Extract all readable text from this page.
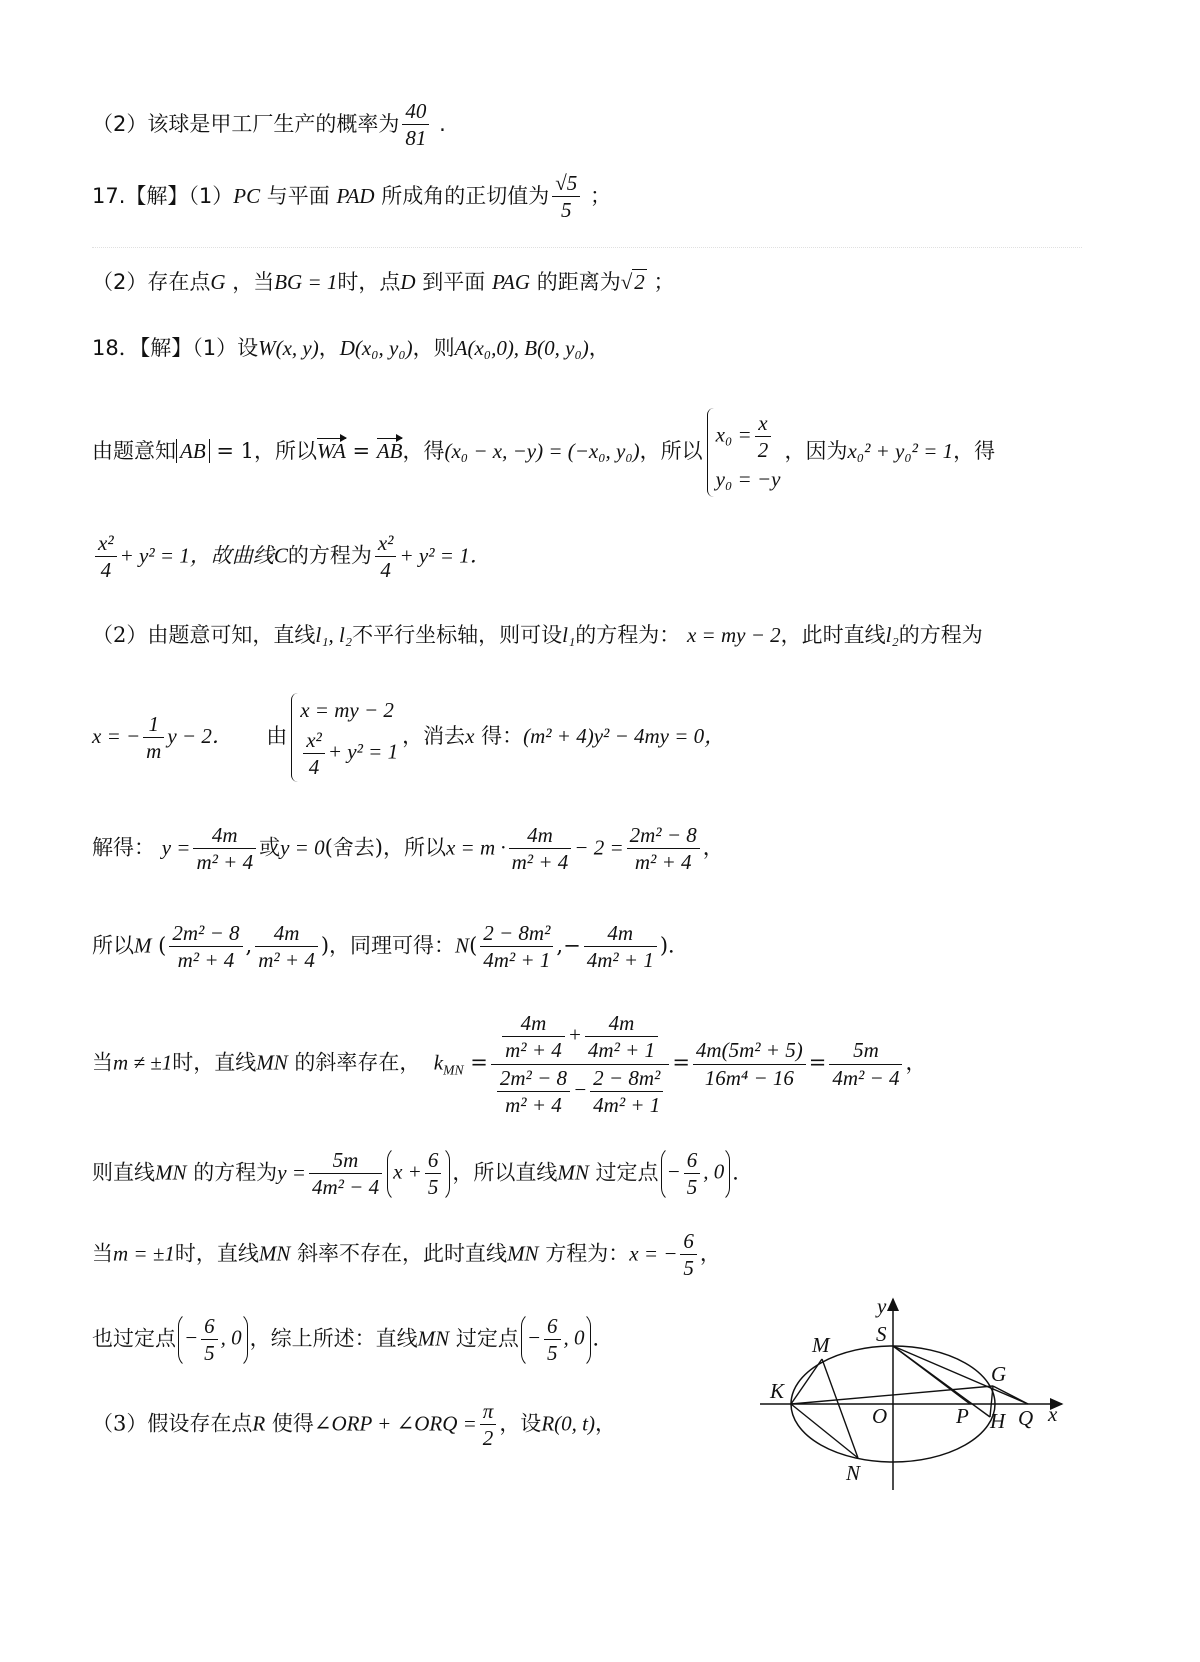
（2）该球是甲工厂生产的概率为 $\frac{40}{81}$ .
17.【解】（1）PC 与平面 PAD 所成角的正切值为 $\frac{√5}{5}$ ；
（2）存在点G ，当BG = 1时，点D 到平面 PAG 的距离为√2 ；
18．【解】（1）设W(x, y)，D(x₀, y₀)，则A(x₀,0), B(0, y₀)，
由题意知 AB = 1，所以WA = AB，得(x₀ − x, −y) = (−x₀, y₀)，所以
$x_0 = \frac{x}{2}$
y₀ = −y
，因为x₀² + y₀² = 1，得
$\frac{\text{x²}}{4} + y^2 = 1$，故曲线C的方程为 $\frac{\text{x²}}{4} + y^2 = 1$．
（2）由题意可知，直线l₁, l₂不平行坐标轴，则可设l₁的方程为： x = my − 2，此时直线l₂的方程为
x = − $\frac{1}{m}$ y − 2． 由
x = my − 2
$\frac{\text{x²}}{4} + y^2 = 1$
，消去x 得：(m² + 4)y² − 4my = 0，
解得： $y = \frac{4m}{\text{m² + 4}}$ 或y = 0(舍去)，所以$x = m \cdot \frac{4m}{\text{m² + 4}} - 2 = \frac{\text{2m² − 8}}{\text{m² + 4}}$ ，
所以M ( $\frac{\text{2m² − 8}}{\text{m² + 4}}$ , $\frac{4m}{\text{m² + 4}}$ )，同理可得：$N( \frac{\text{2 − 8m²}}{\text{4m² + 1}}$ ,− $\frac{4m}{\text{4m² + 1}}$ )．
当m ≠ ±1时，直线MN 的斜率存在， $k_{MN} = \frac{\frac{4m}{\text{m² + 4}} + \frac{4m}{\text{4m² + 1}}}{\frac{\text{2m² − 8}}{\text{m² + 4}} - \frac{\text{2 − 8m²}}{\text{4m² + 1}}} = \frac{\text{4m(5m² + 5)}}{\text{16m⁴ − 16}} = \frac{5m}{\text{4m² − 4}}$ ，
则直线MN 的方程为$y = \frac{5m}{\text{4m² − 4}}$ $x + \frac{6}{5}$ ，所以直线MN 过定点 − $\frac{6}{5}$ , 0 ．
当m = ±1时，直线MN 斜率不存在，此时直线MN 方程为：x = − $\frac{6}{5}$ ，
也过定点 − $\frac{6}{5}$ , 0 ，综上所述：直线MN 过定点 − $\frac{6}{5}$ , 0 ．
（3）假设存在点R 使得∠ORP + ∠ORQ = $\frac{\pi}{2}$ ，设R(0, t)，
y
x
S
M
K
O	P
G
H Q
N
